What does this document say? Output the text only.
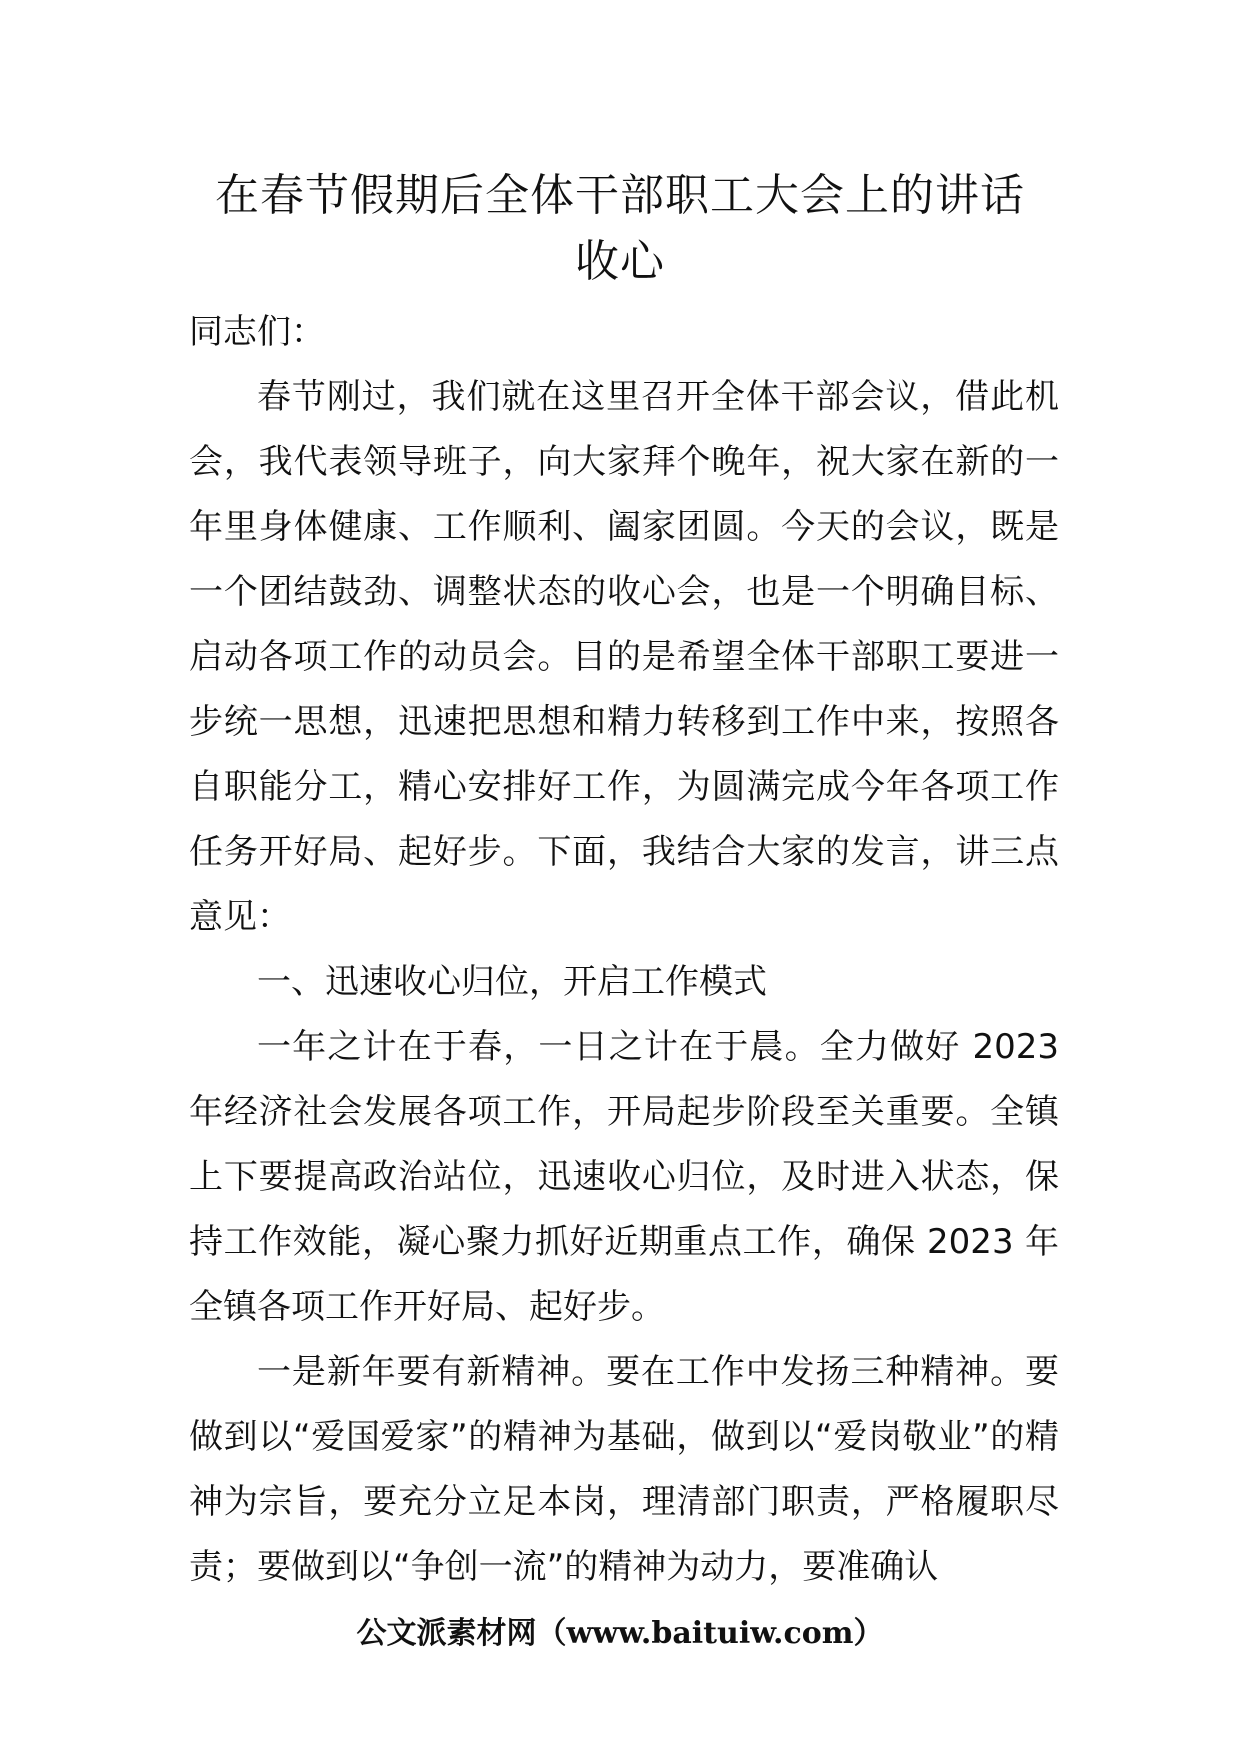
在春节假期后全体干部职工大会上的讲话
收心

同志们：

春节刚过，我们就在这里召开全体干部会议，借此机会，我代表领导班子，向大家拜个晚年，祝大家在新的一年里身体健康、工作顺利、阖家团圆。今天的会议，既是一个团结鼓劲、调整状态的收心会，也是一个明确目标、启动各项工作的动员会。目的是希望全体干部职工要进一步统一思想，迅速把思想和精力转移到工作中来，按照各自职能分工，精心安排好工作，为圆满完成今年各项工作任务开好局、起好步。下面，我结合大家的发言，讲三点意见：

一、迅速收心归位，开启工作模式

一年之计在于春，一日之计在于晨。全力做好 2023 年经济社会发展各项工作，开局起步阶段至关重要。全镇上下要提高政治站位，迅速收心归位，及时进入状态，保持工作效能，凝心聚力抓好近期重点工作，确保 2023 年全镇各项工作开好局、起好步。

一是新年要有新精神。要在工作中发扬三种精神。要做到以“爱国爱家”的精神为基础，做到以“爱岗敬业”的精神为宗旨，要充分立足本岗，理清部门职责，严格履职尽责；要做到以“争创一流”的精神为动力，要准确认

公文派素材网（www.baituiw.com）
